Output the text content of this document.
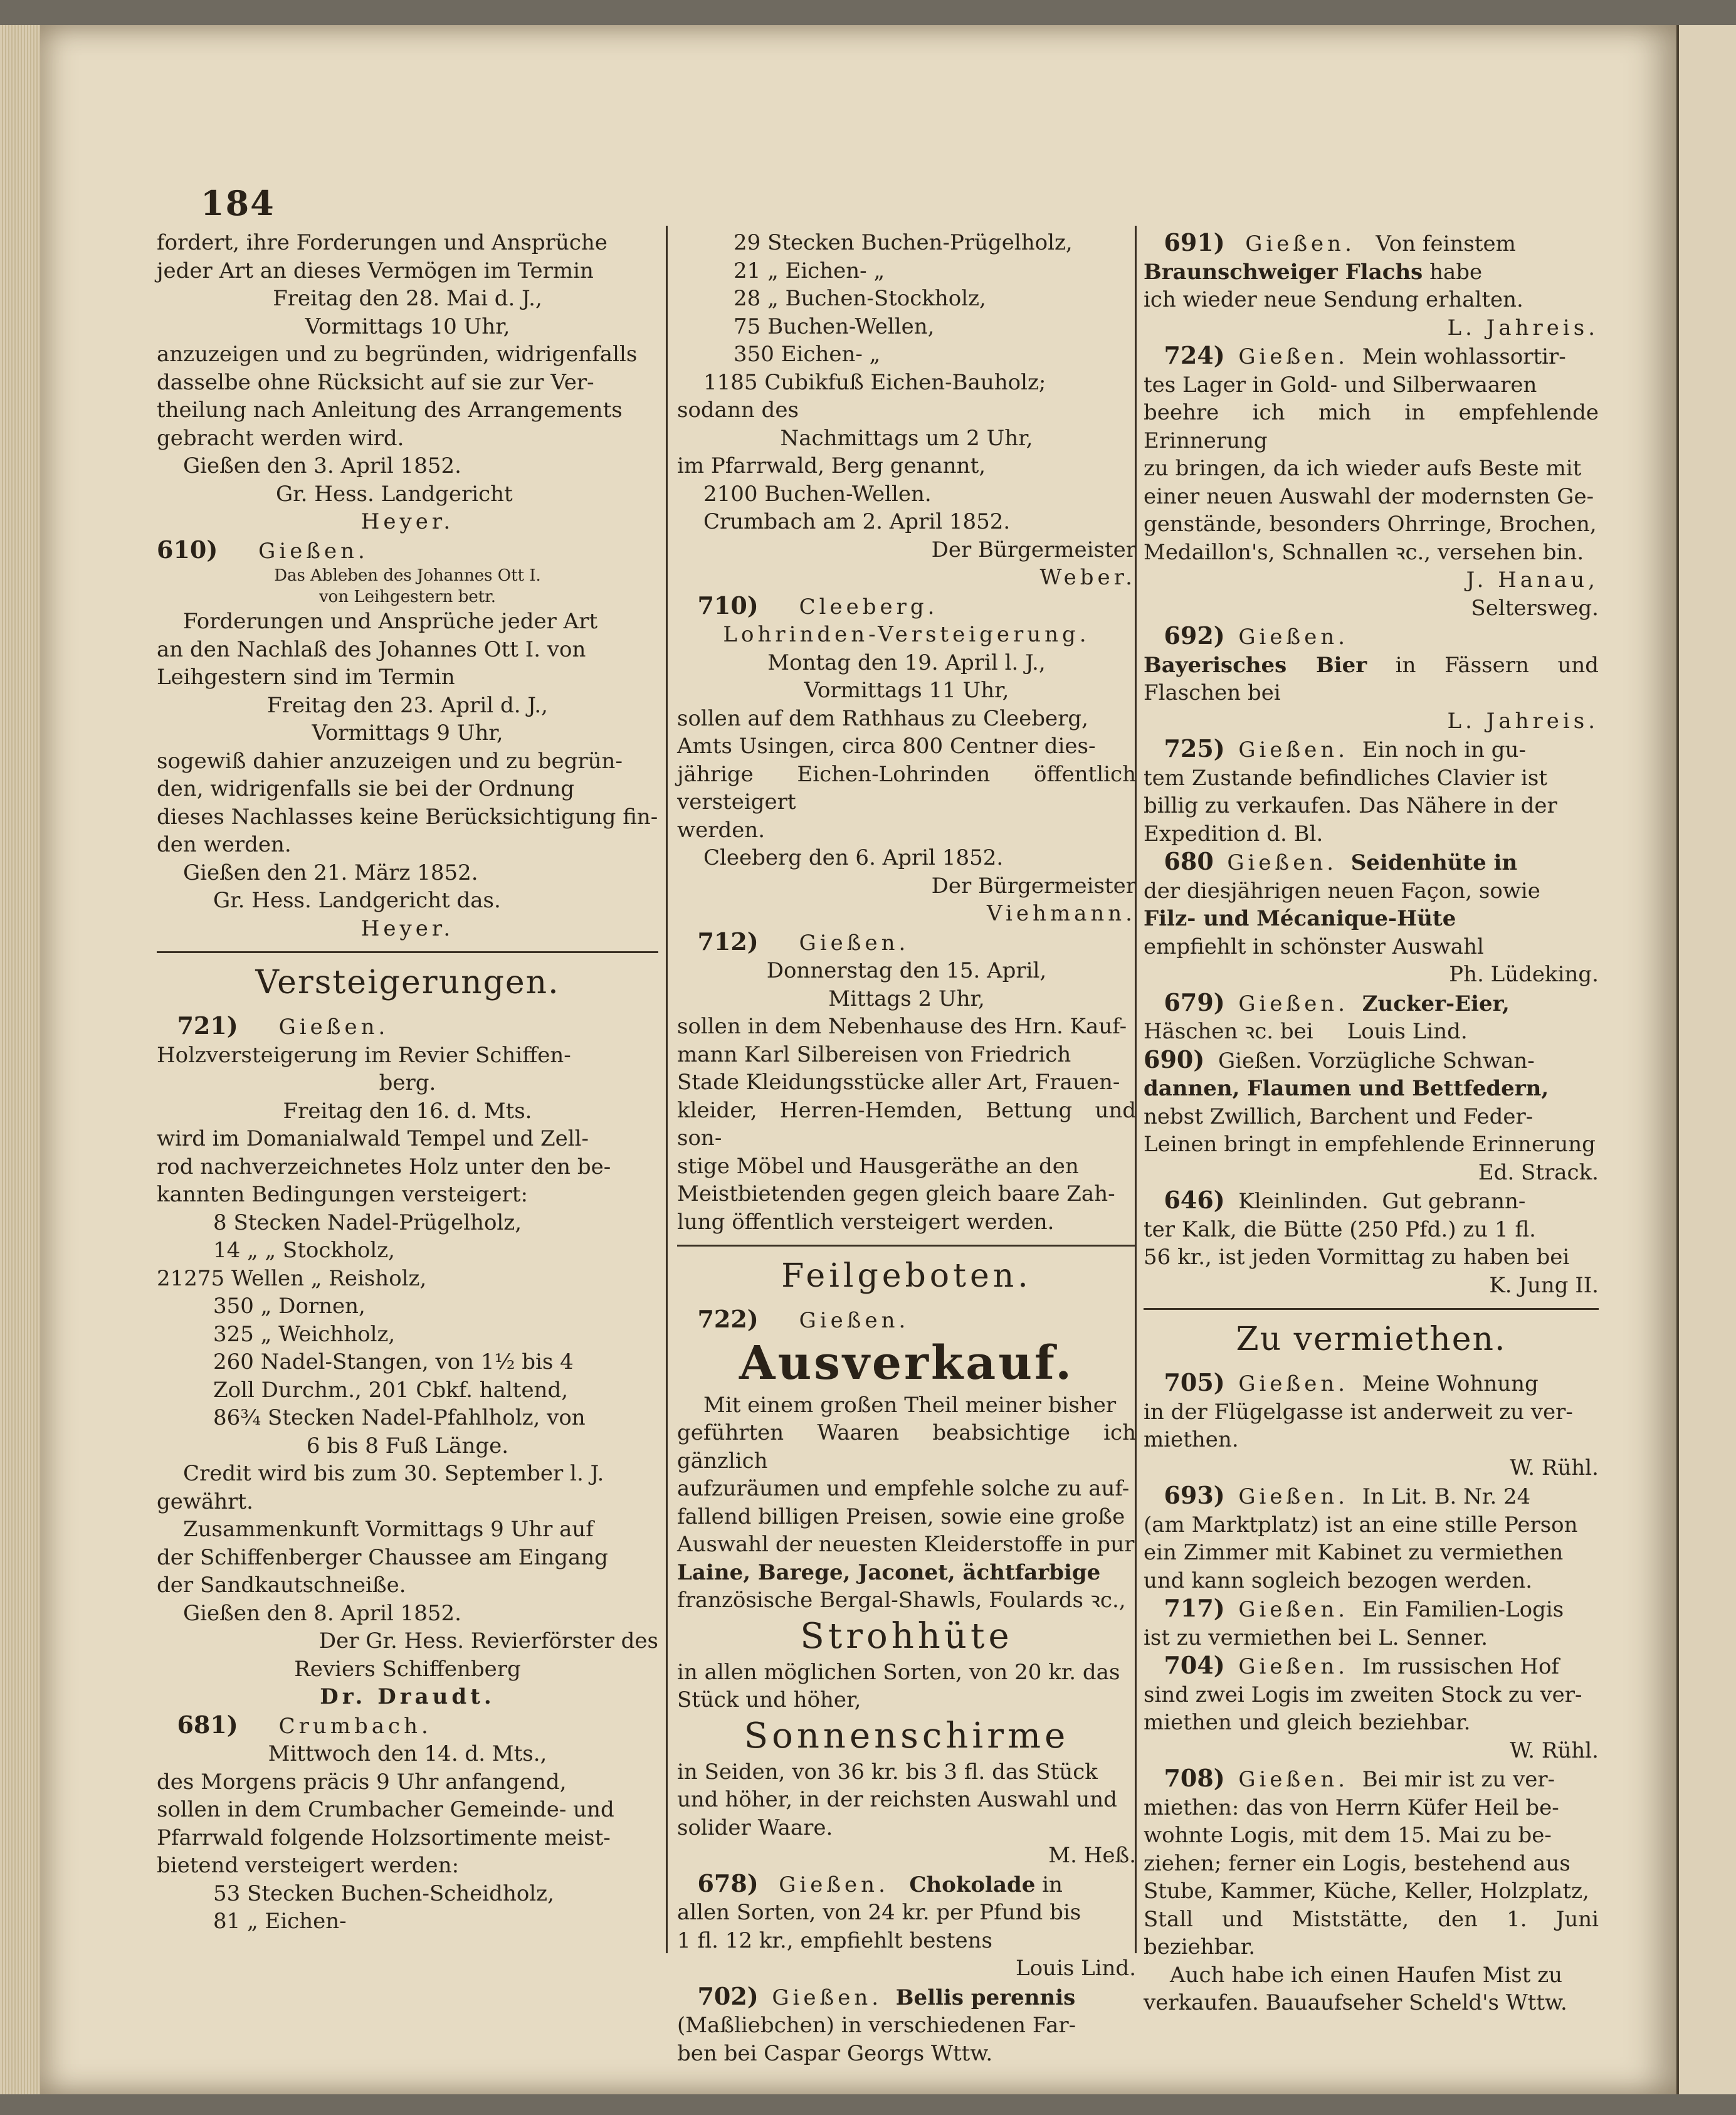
184

fordert, ihre Forderungen und Ansprüche

jeder Art an dieses Vermögen im Termin

Freitag den 28. Mai d. J.,

Vormittags 10 Uhr,

anzuzeigen und zu begründen, widrigenfalls

dasselbe ohne Rücksicht auf sie zur Ver-

theilung nach Anleitung des Arrangements

gebracht werden wird.

Gießen den 3. April 1852.

Gr. Hess. Landgericht

Heyer.

610) Gießen.

Das Ableben des Johannes Ott I.

von Leihgestern betr.

Forderungen und Ansprüche jeder Art

an den Nachlaß des Johannes Ott I. von

Leihgestern sind im Termin

Freitag den 23. April d. J.,

Vormittags 9 Uhr,

sogewiß dahier anzuzeigen und zu begrün-

den, widrigenfalls sie bei der Ordnung

dieses Nachlasses keine Berücksichtigung fin-

den werden.

Gießen den 21. März 1852.

Gr. Hess. Landgericht das.

Heyer.

Versteigerungen.

721) Gießen.

Holzversteigerung im Revier Schiffen-

berg.

Freitag den 16. d. Mts.

wird im Domanialwald Tempel und Zell-

rod nachverzeichnetes Holz unter den be-

kannten Bedingungen versteigert:

8 Stecken Nadel-Prügelholz,

14 „ „ Stockholz,

21275 Wellen „ Reisholz,

350 „ Dornen,

325 „ Weichholz,

260 Nadel-Stangen, von 1½ bis 4

Zoll Durchm., 201 Cbkf. haltend,

86¾ Stecken Nadel-Pfahlholz, von

6 bis 8 Fuß Länge.

Credit wird bis zum 30. September l. J.

gewährt.

Zusammenkunft Vormittags 9 Uhr auf

der Schiffenberger Chaussee am Eingang

der Sandkautschneiße.

Gießen den 8. April 1852.

Der Gr. Hess. Revierförster des

Reviers Schiffenberg

Dr. Draudt.

681) Crumbach.

Mittwoch den 14. d. Mts.,

des Morgens präcis 9 Uhr anfangend,

sollen in dem Crumbacher Gemeinde- und

Pfarrwald folgende Holzsortimente meist-

bietend versteigert werden:

53 Stecken Buchen-Scheidholz,

81 „ Eichen-

29 Stecken Buchen-Prügelholz,

21 „ Eichen- „

28 „ Buchen-Stockholz,

75 Buchen-Wellen,

350 Eichen- „

1185 Cubikfuß Eichen-Bauholz;

sodann des

Nachmittags um 2 Uhr,

im Pfarrwald, Berg genannt,

2100 Buchen-Wellen.

Crumbach am 2. April 1852.

Der Bürgermeister

Weber.

710) Cleeberg.

Lohrinden-Versteigerung.

Montag den 19. April l. J.,

Vormittags 11 Uhr,

sollen auf dem Rathhaus zu Cleeberg,

Amts Usingen, circa 800 Centner dies-

jährige Eichen-Lohrinden öffentlich versteigert

werden.

Cleeberg den 6. April 1852.

Der Bürgermeister

Viehmann.

712) Gießen.

Donnerstag den 15. April,

Mittags 2 Uhr,

sollen in dem Nebenhause des Hrn. Kauf-

mann Karl Silbereisen von Friedrich

Stade Kleidungsstücke aller Art, Frauen-

kleider, Herren-Hemden, Bettung und son-

stige Möbel und Hausgeräthe an den

Meistbietenden gegen gleich baare Zah-

lung öffentlich versteigert werden.

Feilgeboten.

722) Gießen.

Ausverkauf.

Mit einem großen Theil meiner bisher

geführten Waaren beabsichtige ich gänzlich

aufzuräumen und empfehle solche zu auf-

fallend billigen Preisen, sowie eine große

Auswahl der neuesten Kleiderstoffe in pur

Laine, Barege, Jaconet, ächtfarbige

französische Bergal-Shawls, Foulards ꝛc.,

Strohhüte

in allen möglichen Sorten, von 20 kr. das

Stück und höher,

Sonnenschirme

in Seiden, von 36 kr. bis 3 fl. das Stück

und höher, in der reichsten Auswahl und

solider Waare.

M. Heß.

678) Gießen. Chokolade in

allen Sorten, von 24 kr. per Pfund bis

1 fl. 12 kr., empfiehlt bestens

Louis Lind.

702) Gießen. Bellis perennis

(Maßliebchen) in verschiedenen Far-

ben bei Caspar Georgs Wttw.

691) Gießen. Von feinstem

Braunschweiger Flachs habe

ich wieder neue Sendung erhalten.

L. Jahreis.

724) Gießen. Mein wohlassortir-

tes Lager in Gold- und Silberwaaren

beehre ich mich in empfehlende Erinnerung

zu bringen, da ich wieder aufs Beste mit

einer neuen Auswahl der modernsten Ge-

genstände, besonders Ohrringe, Brochen,

Medaillon's, Schnallen ꝛc., versehen bin.

J. Hanau,

Seltersweg.

692) Gießen.

Bayerisches Bier in Fässern und Flaschen bei

L. Jahreis.

725) Gießen. Ein noch in gu-

tem Zustande befindliches Clavier ist

billig zu verkaufen. Das Nähere in der

Expedition d. Bl.

680 Gießen. Seidenhüte in

der diesjährigen neuen Façon, sowie

Filz- und Mécanique-Hüte

empfiehlt in schönster Auswahl

Ph. Lüdeking.

679) Gießen. Zucker-Eier,

Häschen ꝛc. bei Louis Lind.

690) Gießen. Vorzügliche Schwan-

dannen, Flaumen und Bettfedern,

nebst Zwillich, Barchent und Feder-

Leinen bringt in empfehlende Erinnerung

Ed. Strack.

646) Kleinlinden. Gut gebrann-

ter Kalk, die Bütte (250 Pfd.) zu 1 fl.

56 kr., ist jeden Vormittag zu haben bei

K. Jung II.

Zu vermiethen.

705) Gießen. Meine Wohnung

in der Flügelgasse ist anderweit zu ver-

miethen.

W. Rühl.

693) Gießen. In Lit. B. Nr. 24

(am Marktplatz) ist an eine stille Person

ein Zimmer mit Kabinet zu vermiethen

und kann sogleich bezogen werden.

717) Gießen. Ein Familien-Logis

ist zu vermiethen bei L. Senner.

704) Gießen. Im russischen Hof

sind zwei Logis im zweiten Stock zu ver-

miethen und gleich beziehbar.

W. Rühl.

708) Gießen. Bei mir ist zu ver-

miethen: das von Herrn Küfer Heil be-

wohnte Logis, mit dem 15. Mai zu be-

ziehen; ferner ein Logis, bestehend aus

Stube, Kammer, Küche, Keller, Holzplatz,

Stall und Miststätte, den 1. Juni beziehbar.

Auch habe ich einen Haufen Mist zu

verkaufen. Bauaufseher Scheld's Wttw.
